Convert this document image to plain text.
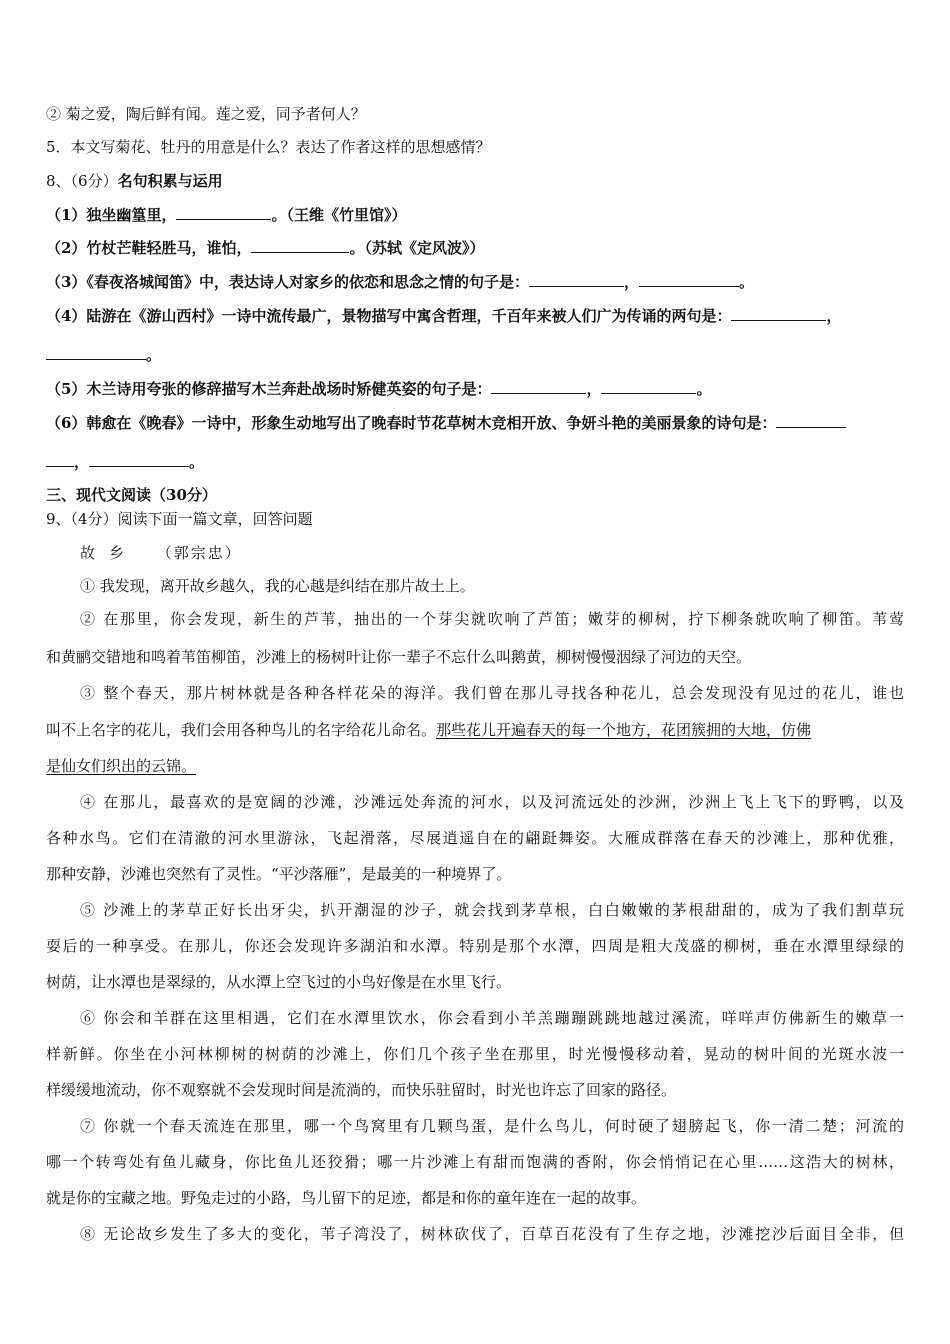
② 菊之爱，陶后鲜有闻。莲之爱，同予者何人？
5．本文写菊花、牡丹的用意是什么？表达了作者这样的思想感情？
8、（6分）名句积累与运用
（1）独坐幽篁里，	。（王维《竹里馆》）
（2）竹杖芒鞋轻胜马，谁怕，	。（苏轼《定风波》）
（3）《春夜洛城闻笛》中，表达诗人对家乡的依恋和思念之情的句子是：	，	。
（4）陆游在《游山西村》一诗中流传最广，景物描写中寓含哲理，千百年来被人们广为传诵的两句是：	，
。
（5）木兰诗用夸张的修辞描写木兰奔赴战场时矫健英姿的句子是：	，	。
（6）韩愈在《晚春》一诗中，形象生动地写出了晚春时节花草树木竞相开放、争妍斗艳的美丽景象的诗句是：
，	。
三、现代文阅读（30分）
9、（4分）阅读下面一篇文章，回答问题
故乡 （郭宗忠）
① 我发现，离开故乡越久，我的心越是纠结在那片故土上。
② 在那里，你会发现，新生的芦苇，抽出的一个芽尖就吹响了芦笛；嫩芽的柳树，拧下柳条就吹响了柳笛。苇莺
和黄鹂交错地和鸣着苇笛柳笛，沙滩上的杨树叶让你一辈子不忘什么叫鹅黄，柳树慢慢洇绿了河边的天空。
③ 整个春天，那片树林就是各种各样花朵的海洋。我们曾在那儿寻找各种花儿，总会发现没有见过的花儿，谁也
叫不上名字的花儿，我们会用各种鸟儿的名字给花儿命名。那些花儿开遍春天的每一个地方，花团簇拥的大地，仿佛
是仙女们织出的云锦。
④ 在那儿，最喜欢的是宽阔的沙滩，沙滩远处奔流的河水，以及河流远处的沙洲，沙洲上飞上飞下的野鸭，以及
各种水鸟。它们在清澈的河水里游泳，飞起滑落，尽展逍遥自在的翩跹舞姿。大雁成群落在春天的沙滩上，那种优雅，
那种安静，沙滩也突然有了灵性。“平沙落雁”，是最美的一种境界了。
⑤ 沙滩上的茅草正好长出牙尖，扒开潮湿的沙子，就会找到茅草根，白白嫩嫩的茅根甜甜的，成为了我们割草玩
耍后的一种享受。在那儿，你还会发现许多湖泊和水潭。特别是那个水潭，四周是粗大茂盛的柳树，垂在水潭里绿绿的
树荫，让水潭也是翠绿的，从水潭上空飞过的小鸟好像是在水里飞行。
⑥ 你会和羊群在这里相遇，它们在水潭里饮水，你会看到小羊羔蹦蹦跳跳地越过溪流，咩咩声仿佛新生的嫩草一
样新鲜。你坐在小河林柳树的树荫的沙滩上，你们几个孩子坐在那里，时光慢慢移动着，晃动的树叶间的光斑水波一
样缓缓地流动，你不观察就不会发现时间是流淌的，而快乐驻留时，时光也许忘了回家的路径。
⑦ 你就一个春天流连在那里，哪一个鸟窝里有几颗鸟蛋，是什么鸟儿，何时硬了翅膀起飞，你一清二楚；河流的
哪一个转弯处有鱼儿藏身，你比鱼儿还狡猾；哪一片沙滩上有甜而饱满的香附，你会悄悄记在心里……这浩大的树林，
就是你的宝藏之地。野兔走过的小路，鸟儿留下的足迹，都是和你的童年连在一起的故事。
⑧ 无论故乡发生了多大的变化，苇子湾没了，树林砍伐了，百草百花没有了生存之地，沙滩挖沙后面目全非，但
